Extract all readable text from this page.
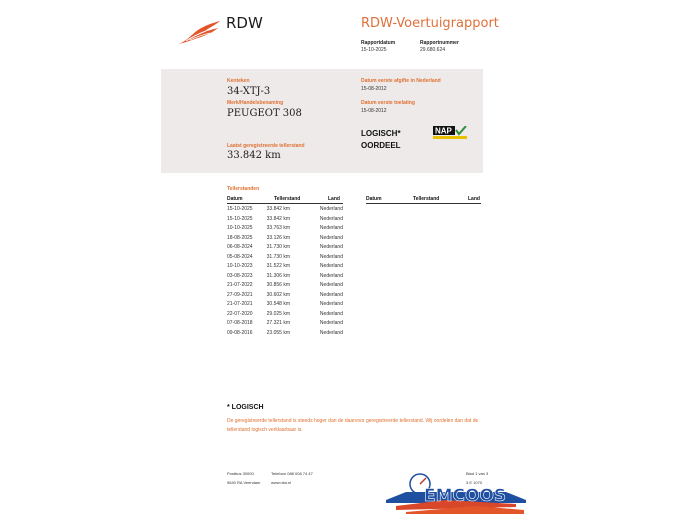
RDW	RDW-Voertuigrapport
Rapportdatum
15-10-2025
Rapportnummer
29.680.624
Kenteken
34-XTJ-3
Merk/Handelsbenaming
PEUGEOT 308
Datum eerste afgifte in Nederland
15-08-2012
Datum eerste toelating
15-08-2012
LOGISCH*
OORDEEL
NAP
Laatst geregistreerde tellerstand
33.842 km
Tellerstanden
Datum	Tellerstand	Land	Datum	Tellerstand	Land
15-10-2025	33.842 km	Nederland
15-10-2025	33.842 km	Nederland
10-10-2025	33.763 km	Nederland
18-08-2025	33.126 km	Nederland
06-08-2024	31.730 km	Nederland
05-08-2024	31.730 km	Nederland
10-10-2023	31.522 km	Nederland
03-08-2023	31.306 km	Nederland
21-07-2022	30.856 km	Nederland
27-09-2021	30.602 km	Nederland
21-07-2021	30.548 km	Nederland
22-07-2020	29.025 km	Nederland
07-08-2018	27.321 km	Nederland
09-08-2016	23.055 km	Nederland
* LOGISCH
De geregistreerde tellerstand is steeds hoger dan de daarvoor geregistreerde tellerstand. Wij oordelen dan dat de tellerstand logisch verklaarbaar is.
Postbus 30000
9640 RA Veendam
Telefoon 088 008 74 47
www.rdw.nl
Blad 1 van 3
3 E 1070
EMCOOS
